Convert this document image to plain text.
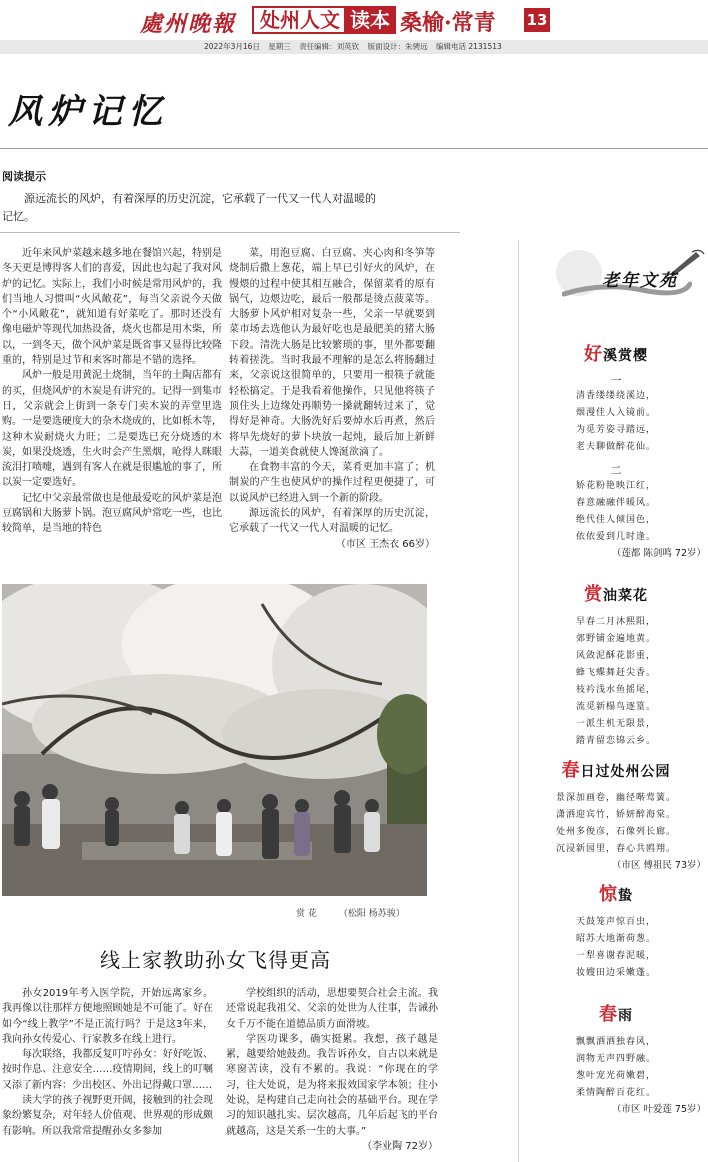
處州晚報	处州人文 读本 桑榆·常青 13
2022年3月16日 星期三 责任编辑：刘英钦 版面设计：朱骋远 编辑电话 2131513
风炉记忆
阅读提示
源远流长的风炉，有着深厚的历史沉淀，它承载了一代又一代人对温暖的记忆。

近年来风炉菜越来越多地在餐馆兴起，特别是冬天更是博得客人们的喜爱，因此也勾起了我对风炉的记忆。实际上，我们小时候是常用风炉的，我们当地人习惯叫“火风敞花”，每当父亲说今天做个“小风敞花”，就知道有好菜吃了。那时还没有像电磁炉等现代加热设备，烧火也都是用木柴，所以，一到冬天，做个风炉菜是既省事又显得比较隆重的，特别是过节和来客时都是不错的选择。

风炉一般是用黄泥土烧制，当年的土陶店都有的买，但烧风炉的木炭是有讲究的。记得一到集市日，父亲就会上街到一条专门卖木炭的弄堂里选购。一是要选硬度大的杂木烧成的，比如栎木等，这种木炭耐烧火力旺；二是要选已充分烧透的木炭，如果没烧透，生火时会产生黑烟，呛得人眯眼流泪打喷嚏，遇到有客人在就是很尴尬的事了，所以炭一定要选好。

记忆中父亲最常做也是他最爱吃的风炉菜是泡豆腐锅和大肠萝卜锅。泡豆腐风炉常吃一些，也比较简单，是当地的特色

菜，用泡豆腐、白豆腐、夹心肉和冬笋等烧制后撒上葱花，端上早已引好火的风炉，在慢煨的过程中使其相互融合，保留菜肴的原有锅气，边煨边吃，最后一般都是烫点菠菜等。大肠萝卜风炉相对复杂一些，父亲一早就要到菜市场去选他认为最好吃也是最肥美的猪大肠下段。清洗大肠是比较繁琐的事，里外都要翻转着搓洗。当时我最不理解的是怎么将肠翻过来，父亲说这很简单的，只要用一根筷子就能轻松搞定。于是我看着他操作，只见他将筷子顶住头上边缘处再顺势一搡就翻转过来了，觉得好是神奇。大肠洗好后要焯水后再煮，然后将早先烧好的萝卜块放一起炖，最后加上新鲜大蒜，一道美食就使人馋涎欲滴了。

在食物丰富的今天，菜肴更加丰富了；机制炭的产生也使风炉的操作过程更便捷了，可以说风炉已经进入到一个新的阶段。

源远流长的风炉，有着深厚的历史沉淀，它承载了一代又一代人对温暖的记忆。

（市区 王杰衣 66岁）
赏 花 （松阳 杨苏骏）
线上家教助孙女飞得更高

孙女2019年考入医学院，开始远离家乡。我再像以往那样方便地照顾她是不可能了。好在如今“线上教学”不是正流行吗？于是这3年来，我向孙女传爱心、行家教多在线上进行。

每次联络，我都反复叮咛孙女：好好吃饭、按时作息、注意安全……疫情期间，线上的叮嘱又添了新内容：少出校区、外出记得戴口罩……

读大学的孩子视野更开阔，接触到的社会现象纷繁复杂，对年轻人价值观、世界观的形成颇有影响。所以我常常提醒孙女多参加

学校组织的活动，思想要契合社会主流。我还常说起我祖父、父亲的处世为人往事，告诫孙女千万不能在道德品质方面滑坡。

学医功课多，确实挺累。我想，孩子越是累，越要给她鼓劲。我告诉孙女，自古以来就是寒窗苦读，没有不累的。我说：“你现在的学习，往大处说，是为将来报效国家学本领；往小处说，是构建自己走向社会的基础平台。现在学习的知识越扎实、层次越高，几年后起飞的平台就越高，这是关系一生的大事。”

（李业陶 72岁）
老年文苑
好溪赏樱
一
清香缕缕绕溪边，
烟漫佳人入镜前。
为觅芳姿寻踏远，
老夫聊做醉花仙。
二
娇花粉艳映江红，
春意融融伴暖风。
绝代佳人倾国色，
依依爱到几时逢。
（莲都 陈剑鸣 72岁）
赏油菜花
早春二月沐熙阳，
郊野铺金遍地黄。
风敛泥酥花影重，
蜂飞蝶舞赶尖香。
枝衿浅水鱼摇尾，
流觅新榻鸟逐篁。
一派生机无限景，
踏青留恋锦云乡。
春日过处州公园
景深加画卷，幽径啭莺簧。
潇洒迎宾竹，娇妍醉海棠。
处州多俊彦，石像列长廊。
沉浸新园里，春心共鸥翔。
（市区 傅祖民 73岁）
惊蛰
天鼓笼声惊百虫，
昭苏大地渐荷葱。
一犁喜谢春泥暖，
妆嫂田边采嫩蓬。
春雨
飘飘洒洒独春风，
润物无声四野融。
葱叶宠光荷嫩碧，
柔情陶醉百花红。
（市区 叶爱莲 75岁）
